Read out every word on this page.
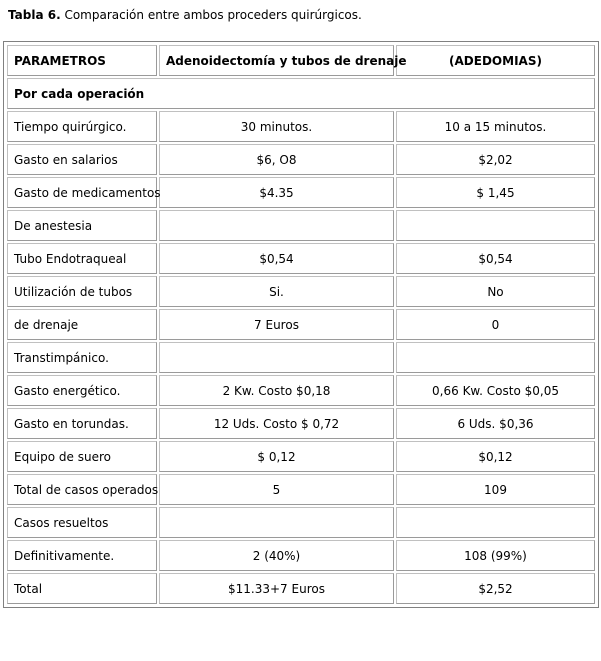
Tabla 6. Comparación entre ambos proceders quirúrgicos.
PARAMETROS	Adenoidectomía y tubos de drenaje	(ADEDOMIAS)
Por cada operación		
Tiempo quirúrgico.	30 minutos.	10 a 15 minutos.
Gasto en salarios	$6, O8	$2,02
Gasto de medicamentos	$4.35	$ 1,45
De anestesia		
Tubo Endotraqueal	$0,54	$0,54
Utilización de tubos	Si.	No
de drenaje	7 Euros	0
Transtimpánico.		
Gasto energético.	2 Kw. Costo $0,18	0,66 Kw. Costo $0,05
Gasto en torundas.	12 Uds. Costo $ 0,72	6 Uds. $0,36
Equipo de suero	$ 0,12	$0,12
Total de casos operados	5	109
Casos resueltos		
Definitivamente.	2 (40%)	108 (99%)
Total	$11.33+7 Euros	$2,52
